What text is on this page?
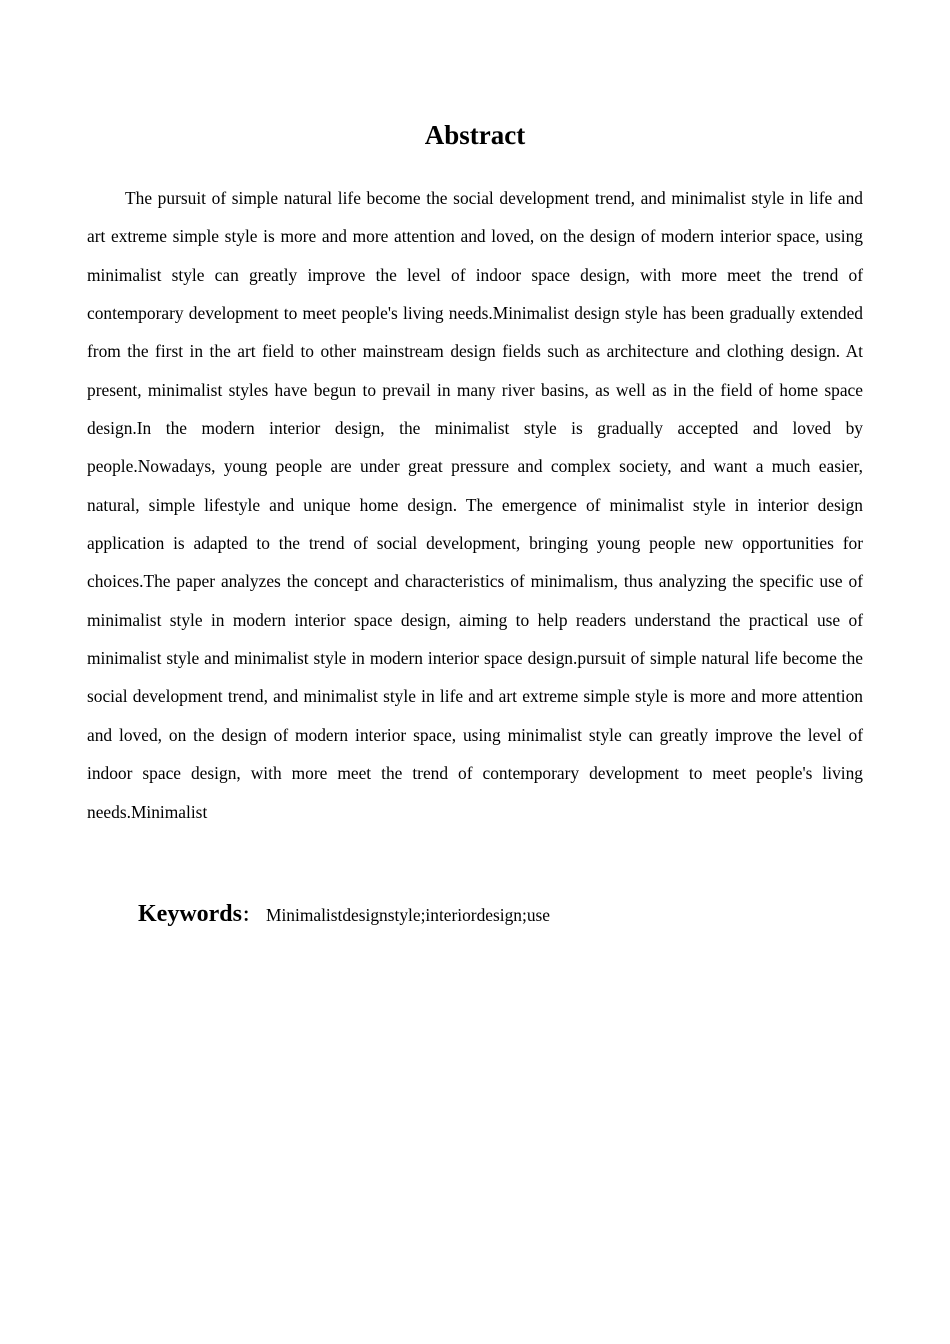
Abstract

The pursuit of simple natural life become the social development trend, and minimalist style in life and art extreme simple style is more and more attention and loved, on the design of modern interior space, using minimalist style can greatly improve the level of indoor space design, with more meet the trend of contemporary development to meet people's living needs.Minimalist design style has been gradually extended from the first in the art field to other mainstream design fields such as architecture and clothing design. At present, minimalist styles have begun to prevail in many river basins, as well as in the field of home space design.In the modern interior design, the minimalist style is gradually accepted and loved by people.Nowadays, young people are under great pressure and complex society, and want a much easier, natural, simple lifestyle and unique home design. The emergence of minimalist style in interior design application is adapted to the trend of social development, bringing young people new opportunities for choices.The paper analyzes the concept and characteristics of minimalism, thus analyzing the specific use of minimalist style in modern interior space design, aiming to help readers understand the practical use of minimalist style and minimalist style in modern interior space design.pursuit of simple natural life become the social development trend, and minimalist style in life and art extreme simple style is more and more attention and loved, on the design of modern interior space, using minimalist style can greatly improve the level of indoor space design, with more meet the trend of contemporary development to meet people's living needs.Minimalist

Keywords： Minimalistdesignstyle;interiordesign;use
